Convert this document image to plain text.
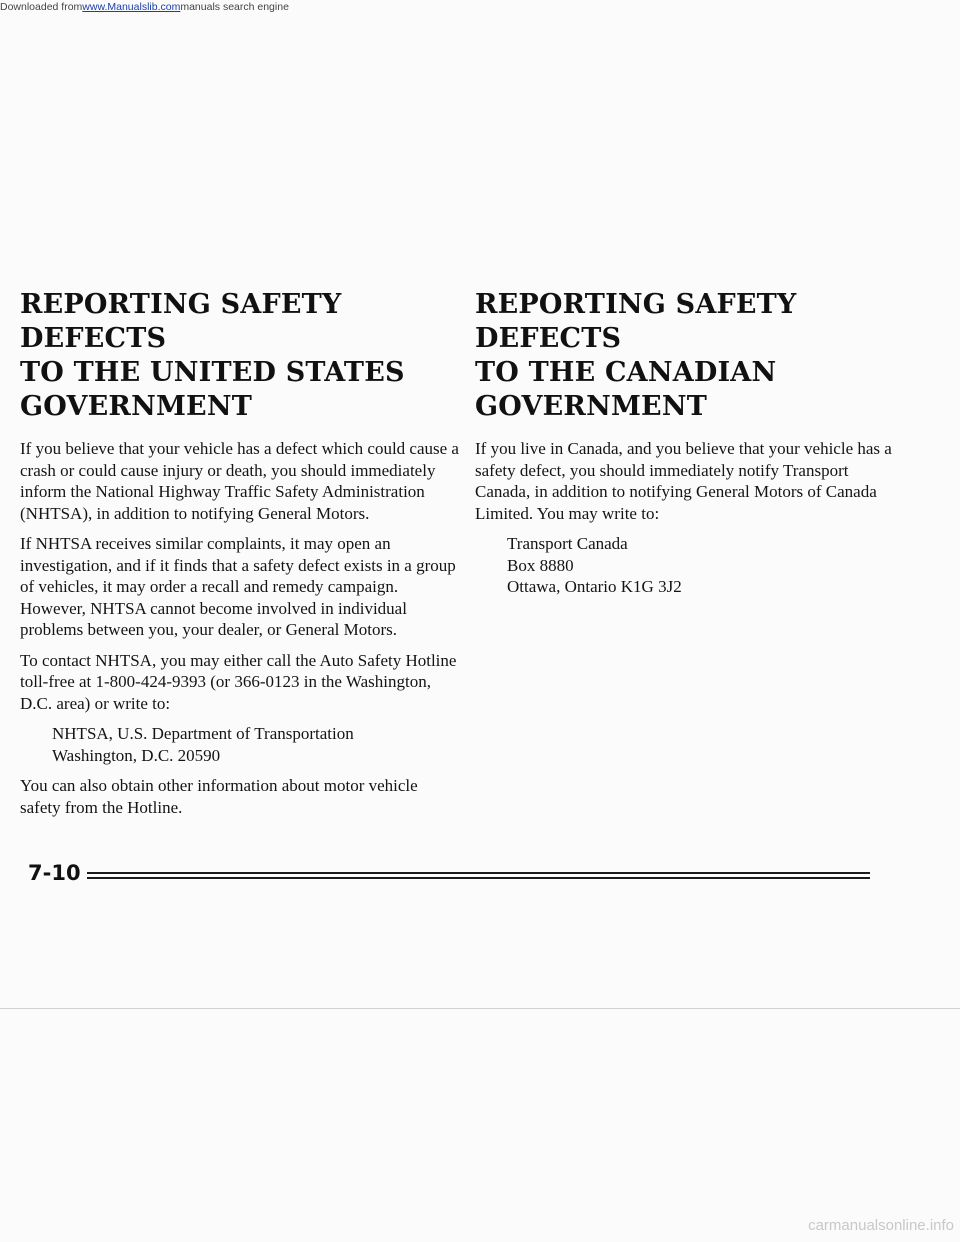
Downloaded from www.Manualslib.com manuals search engine
REPORTING SAFETY DEFECTS
TO THE UNITED STATES
GOVERNMENT

If you believe that your vehicle has a defect which could cause a crash or could cause injury or death, you should immediately inform the National Highway Traffic Safety Administration (NHTSA), in addition to notifying General Motors.

If NHTSA receives similar complaints, it may open an investigation, and if it finds that a safety defect exists in a group of vehicles, it may order a recall and remedy campaign. However, NHTSA cannot become involved in individual problems between you, your dealer, or General Motors.

To contact NHTSA, you may either call the Auto Safety Hotline toll-free at 1-800-424-9393 (or 366-0123 in the Washington, D.C. area) or write to:

NHTSA, U.S. Department of Transportation
Washington, D.C. 20590

You can also obtain other information about motor vehicle safety from the Hotline.

REPORTING SAFETY DEFECTS
TO THE CANADIAN
GOVERNMENT

If you live in Canada, and you believe that your vehicle has a safety defect, you should immediately notify Transport Canada, in addition to notifying General Motors of Canada Limited. You may write to:

Transport Canada
Box 8880
Ottawa, Ontario K1G 3J2
7-10
carmanualsonline.info
